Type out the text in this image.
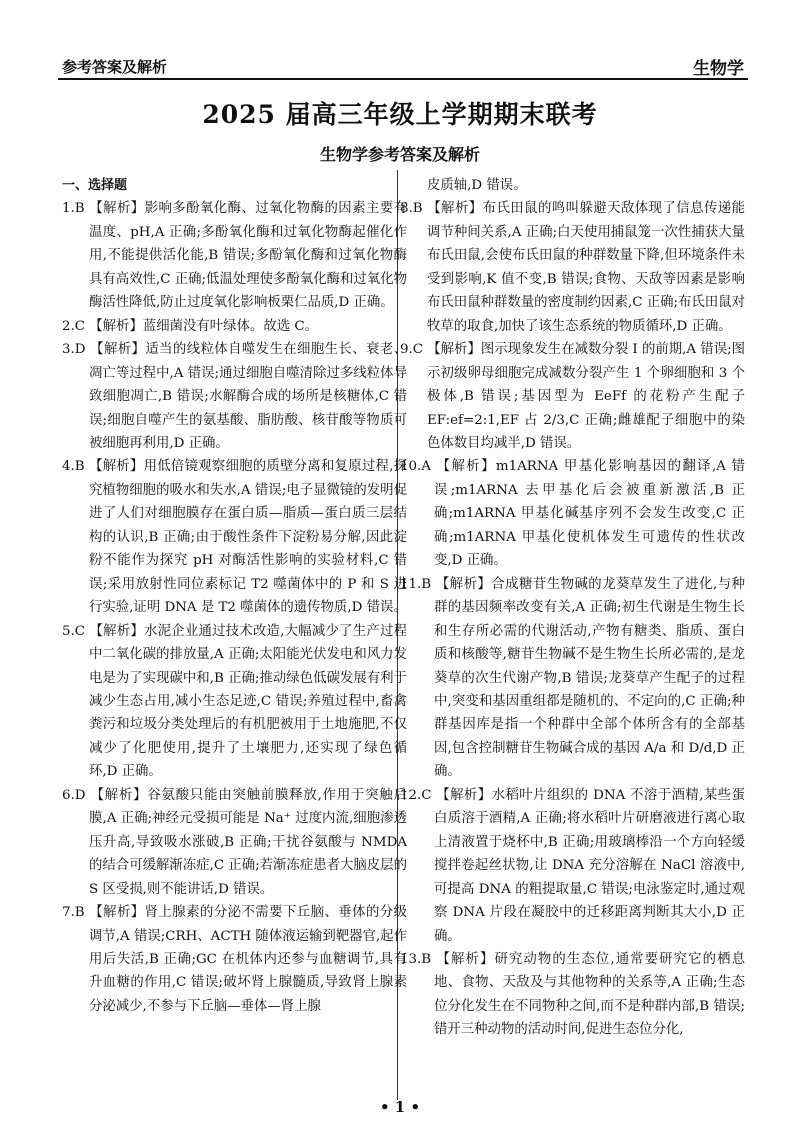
参考答案及解析	生物学
2025 届高三年级上学期期末联考
生物学参考答案及解析
一、选择题
1.B 【解析】影响多酚氧化酶、过氧化物酶的因素主要有温度、pH,A 正确;多酚氧化酶和过氧化物酶起催化作用,不能提供活化能,B 错误;多酚氧化酶和过氧化物酶具有高效性,C 正确;低温处理使多酚氧化酶和过氧化物酶活性降低,防止过度氧化影响板栗仁品质,D 正确。
2.C 【解析】蓝细菌没有叶绿体。故选 C。
3.D 【解析】适当的线粒体自噬发生在细胞生长、衰老、凋亡等过程中,A 错误;通过细胞自噬清除过多线粒体导致细胞凋亡,B 错误;水解酶合成的场所是核糖体,C 错误;细胞自噬产生的氨基酸、脂肪酸、核苷酸等物质可被细胞再利用,D 正确。
4.B 【解析】用低倍镜观察细胞的质壁分离和复原过程,探究植物细胞的吸水和失水,A 错误;电子显微镜的发明促进了人们对细胞膜存在蛋白质—脂质—蛋白质三层结构的认识,B 正确;由于酸性条件下淀粉易分解,因此淀粉不能作为探究 pH 对酶活性影响的实验材料,C 错误;采用放射性同位素标记 T2 噬菌体中的 P 和 S 进行实验,证明 DNA 是 T2 噬菌体的遗传物质,D 错误。
5.C 【解析】水泥企业通过技术改造,大幅减少了生产过程中二氧化碳的排放量,A 正确;太阳能光伏发电和风力发电是为了实现碳中和,B 正确;推动绿色低碳发展有利于减少生态占用,减小生态足迹,C 错误;养殖过程中,畜禽粪污和垃圾分类处理后的有机肥被用于土地施肥,不仅减少了化肥使用,提升了土壤肥力,还实现了绿色循环,D 正确。
6.D 【解析】谷氨酸只能由突触前膜释放,作用于突触后膜,A 正确;神经元受损可能是 Na⁺ 过度内流,细胞渗透压升高,导致吸水涨破,B 正确;干扰谷氨酸与 NMDA 的结合可缓解渐冻症,C 正确;若渐冻症患者大脑皮层的 S 区受损,则不能讲话,D 错误。
7.B 【解析】肾上腺素的分泌不需要下丘脑、垂体的分级调节,A 错误;CRH、ACTH 随体液运输到靶器官,起作用后失活,B 正确;GC 在机体内还参与血糖调节,具有升血糖的作用,C 错误;破坏肾上腺髓质,导致肾上腺素分泌减少,不参与下丘脑—垂体—肾上腺
皮质轴,D 错误。
8.B 【解析】布氏田鼠的鸣叫躲避天敌体现了信息传递能调节种间关系,A 正确;白天使用捕鼠笼一次性捕获大量布氏田鼠,会使布氏田鼠的种群数量下降,但环境条件未受到影响,K 值不变,B 错误;食物、天敌等因素是影响布氏田鼠种群数量的密度制约因素,C 正确;布氏田鼠对牧草的取食,加快了该生态系统的物质循环,D 正确。
9.C 【解析】图示现象发生在减数分裂 Ⅰ 的前期,A 错误;图示初级卵母细胞完成减数分裂产生 1 个卵细胞和 3 个极体,B 错误;基因型为 EeFf 的花粉产生配子 EF:ef=2:1,EF 占 2/3,C 正确;雌雄配子细胞中的染色体数目均减半,D 错误。
10.A 【解析】m1ARNA 甲基化影响基因的翻译,A 错误;m1ARNA 去甲基化后会被重新激活,B 正确;m1ARNA 甲基化碱基序列不会发生改变,C 正确;m1ARNA 甲基化使机体发生可遗传的性状改变,D 正确。
11.B 【解析】合成糖苷生物碱的龙葵草发生了进化,与种群的基因频率改变有关,A 正确;初生代谢是生物生长和生存所必需的代谢活动,产物有糖类、脂质、蛋白质和核酸等,糖苷生物碱不是生物生长所必需的,是龙葵草的次生代谢产物,B 错误;龙葵草产生配子的过程中,突变和基因重组都是随机的、不定向的,C 正确;种群基因库是指一个种群中全部个体所含有的全部基因,包含控制糖苷生物碱合成的基因 A/a 和 D/d,D 正确。
12.C 【解析】水稻叶片组织的 DNA 不溶于酒精,某些蛋白质溶于酒精,A 正确;将水稻叶片研磨液进行离心取上清液置于烧杯中,B 正确;用玻璃棒沿一个方向轻缓搅拌卷起丝状物,让 DNA 充分溶解在 NaCl 溶液中,可提高 DNA 的粗提取量,C 错误;电泳鉴定时,通过观察 DNA 片段在凝胶中的迁移距离判断其大小,D 正确。
13.B 【解析】研究动物的生态位,通常要研究它的栖息地、食物、天敌及与其他物种的关系等,A 正确;生态位分化发生在不同物种之间,而不是种群内部,B 错误;错开三种动物的活动时间,促进生态位分化,
• 1 •
